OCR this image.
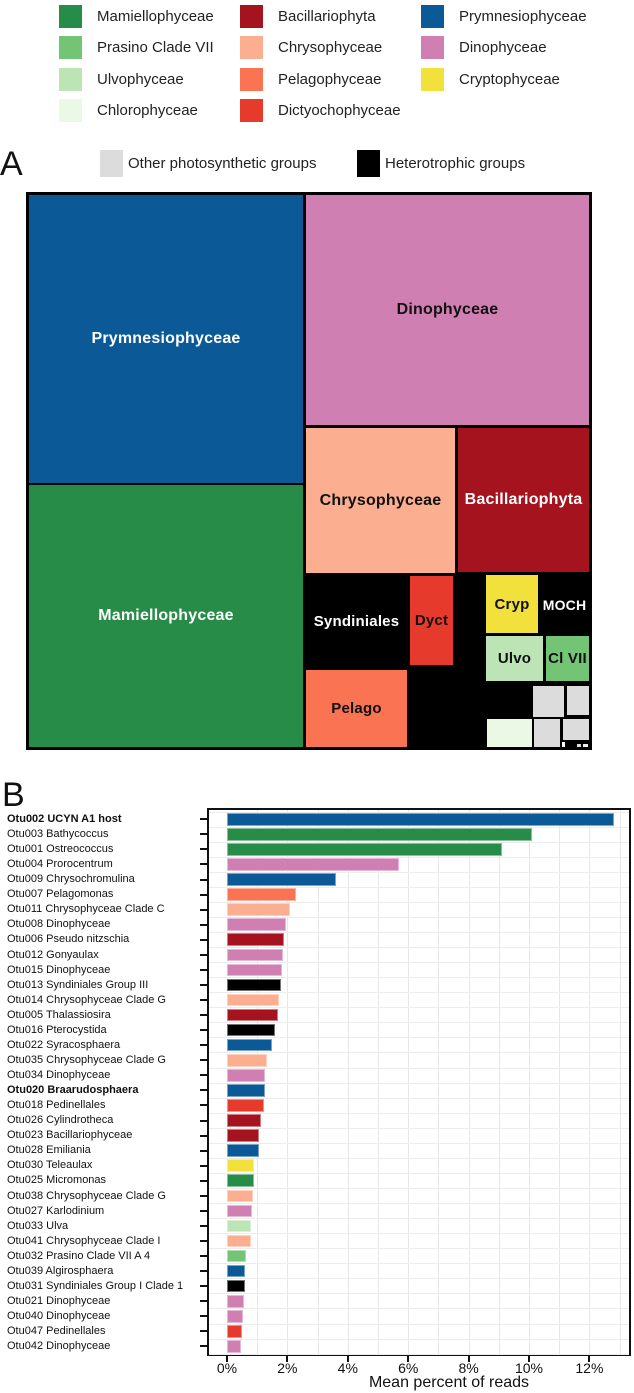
Mamiellophyceae	Bacillariophyta	Prymnesiophyceae
Prasino Clade VII	Chrysophyceae	Dinophyceae
Ulvophyceae	Pelagophyceae	Cryptophyceae
Chlorophyceae	Dictyochophyceae
Other photosynthetic groups	Heterotrophic groups
A
B
Prymnesiophyceae
Mamiellophyceae
Dinophyceae
Chrysophyceae Bacillariophyta
Syndiniales Dyct
Cryp MOCH
Ulvo Cl VII
Pelago
Otu002 UCYN A1 host
Otu003 Bathycoccus
Otu001 Ostreococcus
Otu004 Prorocentrum
Otu009 Chrysochromulina
Otu007 Pelagomonas
Otu011 Chrysophyceae Clade C
Otu008 Dinophyceae
Otu006 Pseudo nitzschia
Otu012 Gonyaulax
Otu015 Dinophyceae
Otu013 Syndiniales Group III
Otu014 Chrysophyceae Clade G
Otu005 Thalassiosira
Otu016 Pterocystida
Otu022 Syracosphaera
Otu035 Chrysophyceae Clade G
Otu034 Dinophyceae
Otu020 Braarudosphaera
Otu018 Pedinellales
Otu026 Cylindrotheca
Otu023 Bacillariophyceae
Otu028 Emiliania
Otu030 Teleaulax
Otu025 Micromonas
Otu038 Chrysophyceae Clade G
Otu027 Karlodinium
Otu033 Ulva
Otu041 Chrysophyceae Clade I
Otu032 Prasino Clade VII A 4
Otu039 Algirosphaera
Otu031 Syndiniales Group I Clade 1
Otu021 Dinophyceae
Otu040 Dinophyceae
Otu047 Pedinellales
Otu042 Dinophyceae
0%	2%	4%	6%	8%	10% 12%
Mean percent of reads
